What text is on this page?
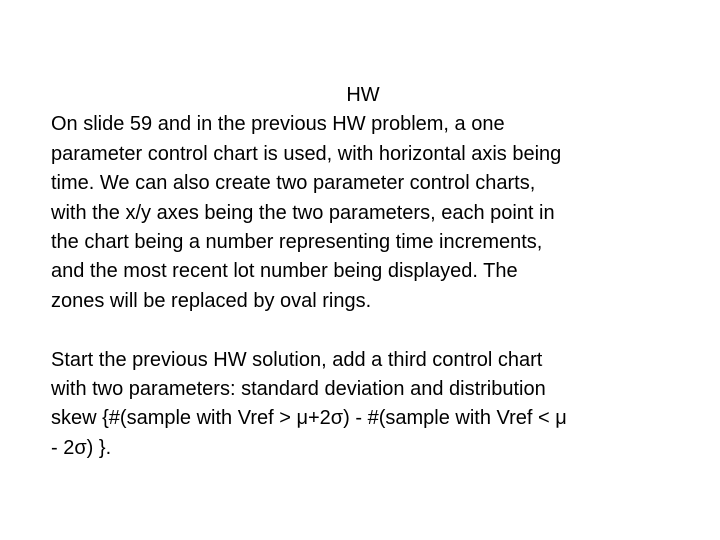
HW

On slide 59 and in the previous HW problem, a one
parameter control chart is used, with horizontal axis being
time. We can also create two parameter control charts,
with the x/y axes being the two parameters, each point in
the chart being a number representing time increments,
and the most recent lot number being displayed. The
zones will be replaced by oval rings.

Start the previous HW solution, add a third control chart
with two parameters: standard deviation and distribution
skew {#(sample with Vref > μ+2σ) - #(sample with Vref < μ
- 2σ) }.
